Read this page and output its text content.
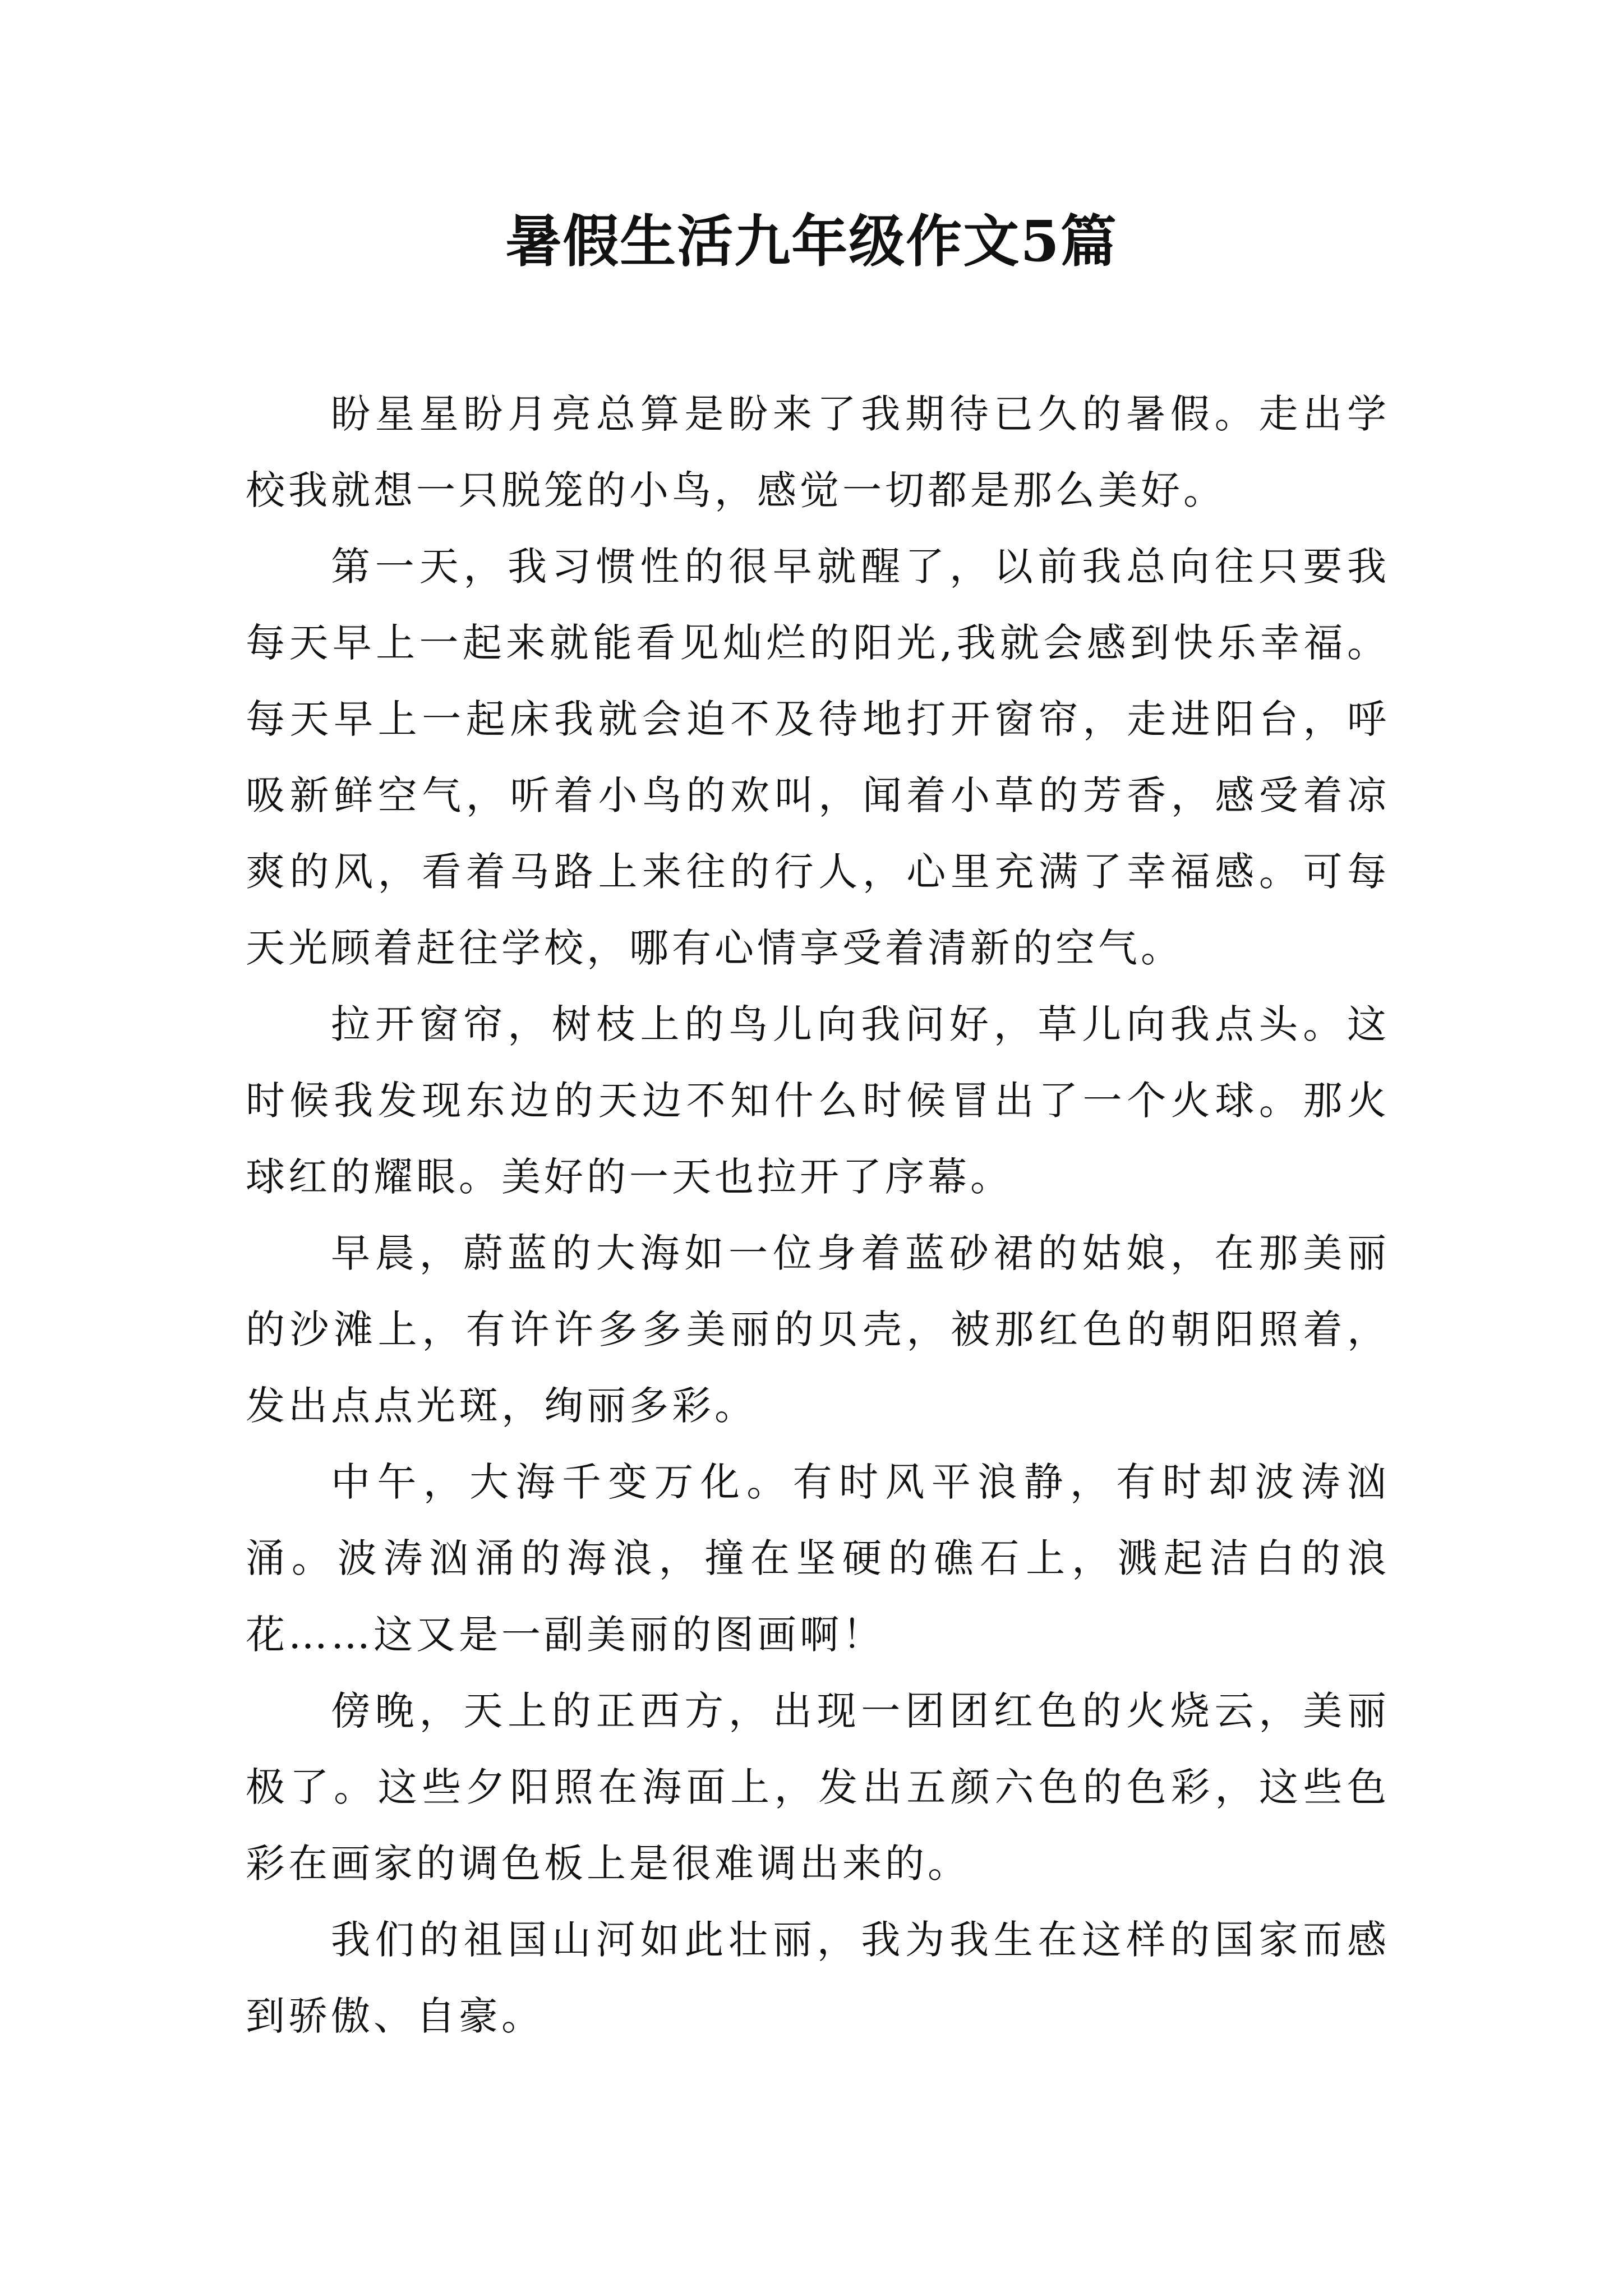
暑假生活九年级作文5篇

盼星星盼月亮总算是盼来了我期待已久的暑假。走出学校我就想一只脱笼的小鸟，感觉一切都是那么美好。

第一天，我习惯性的很早就醒了，以前我总向往只要我每天早上一起来就能看见灿烂的阳光,我就会感到快乐幸福。每天早上一起床我就会迫不及待地打开窗帘，走进阳台，呼吸新鲜空气，听着小鸟的欢叫，闻着小草的芳香，感受着凉爽的风，看着马路上来往的行人，心里充满了幸福感。可每天光顾着赶往学校，哪有心情享受着清新的空气。

拉开窗帘，树枝上的鸟儿向我问好，草儿向我点头。这时候我发现东边的天边不知什么时候冒出了一个火球。那火球红的耀眼。美好的一天也拉开了序幕。

早晨，蔚蓝的大海如一位身着蓝砂裙的姑娘，在那美丽的沙滩上，有许许多多美丽的贝壳，被那红色的朝阳照着，发出点点光斑，绚丽多彩。

中午，大海千变万化。有时风平浪静，有时却波涛汹涌。波涛汹涌的海浪，撞在坚硬的礁石上，溅起洁白的浪花……这又是一副美丽的图画啊！

傍晚，天上的正西方，出现一团团红色的火烧云，美丽极了。这些夕阳照在海面上，发出五颜六色的色彩，这些色彩在画家的调色板上是很难调出来的。

我们的祖国山河如此壮丽，我为我生在这样的国家而感到骄傲、自豪。
